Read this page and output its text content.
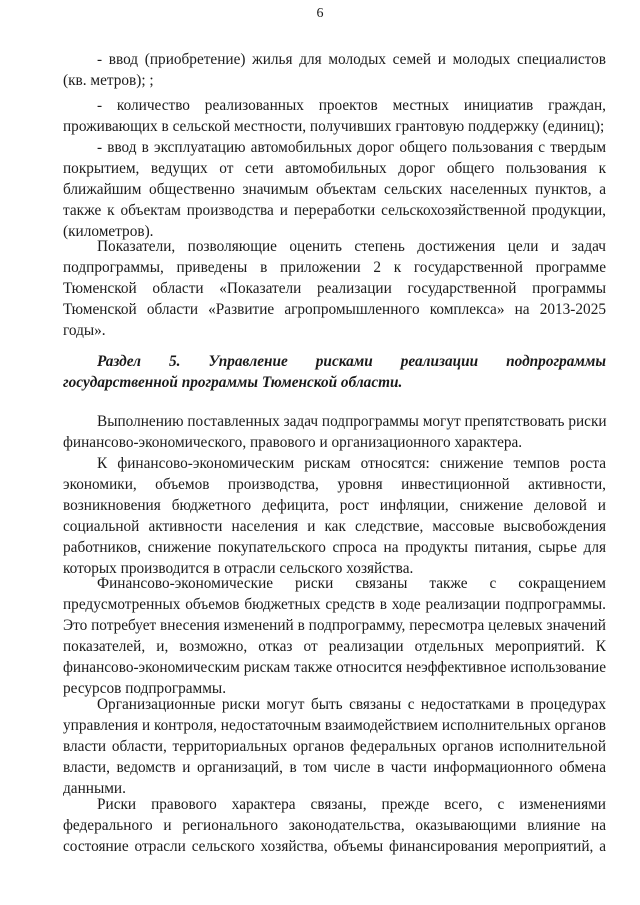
6
- ввод (приобретение) жилья для молодых семей и молодых специалистов
(кв. метров); ;
- количество реализованных проектов местных инициатив граждан,
проживающих в сельской местности, получивших грантовую поддержку (единиц);
- ввод в эксплуатацию автомобильных дорог общего пользования с твердым
покрытием, ведущих от сети автомобильных дорог общего пользования к
ближайшим общественно значимым объектам сельских населенных пунктов, а
также к объектам производства и переработки сельскохозяйственной продукции,
(километров).
Показатели, позволяющие оценить степень достижения цели и задач
подпрограммы, приведены в приложении 2 к государственной программе
Тюменской области «Показатели реализации государственной программы
Тюменской области «Развитие агропромышленного комплекса» на 2013-2025
годы».
Раздел 5. Управление рисками реализации подпрограммы
государственной программы Тюменской области.
Выполнению поставленных задач подпрограммы могут препятствовать риски
финансово-экономического, правового и организационного характера.
К финансово-экономическим рискам относятся: снижение темпов роста
экономики, объемов производства, уровня инвестиционной активности,
возникновения бюджетного дефицита, рост инфляции, снижение деловой и
социальной активности населения и как следствие, массовые высвобождения
работников, снижение покупательского спроса на продукты питания, сырье для
которых производится в отрасли сельского хозяйства.
Финансово-экономические риски связаны также с сокращением
предусмотренных объемов бюджетных средств в ходе реализации подпрограммы.
Это потребует внесения изменений в подпрограмму, пересмотра целевых значений
показателей, и, возможно, отказ от реализации отдельных мероприятий. К
финансово-экономическим рискам также относится неэффективное использование
ресурсов подпрограммы.
Организационные риски могут быть связаны с недостатками в процедурах
управления и контроля, недостаточным взаимодействием исполнительных органов
власти области, территориальных органов федеральных органов исполнительной
власти, ведомств и организаций, в том числе в части информационного обмена
данными.
Риски правового характера связаны, прежде всего, с изменениями
федерального и регионального законодательства, оказывающими влияние на
состояние отрасли сельского хозяйства, объемы финансирования мероприятий, а
